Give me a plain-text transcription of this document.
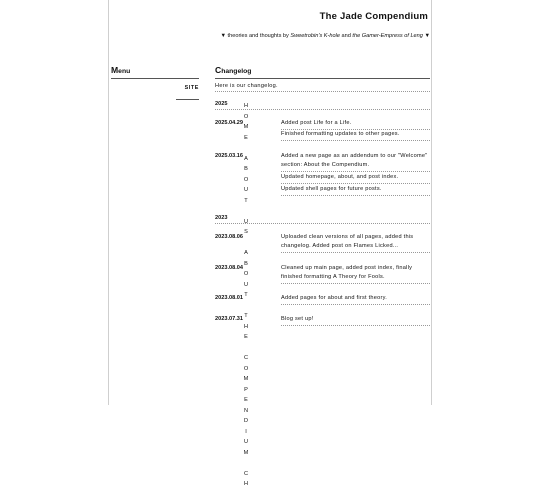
The Jade Compendium
▼ theories and thoughts by Sweetrobin's K-hole and the Gamer-Empress of Leng ▼
Menu
SITE
H
O
M
E
A
B
O
U
T

U
S
A
B
O
U
T

T
H
E

C
O
M
P
E
N
D
I
U
M
C
H
Changelog
Here is our changelog.
2025
2025.04.29	Added post Life for a Life.
Finished formatting updates to other pages.
2025.03.16	Added a new page as an addendum to our "Welcome" section: About the Compendium.
Updated homepage, about, and post index.
Updated shell pages for future posts.
2023
2023.08.06	Uploaded clean versions of all pages, added this changelog. Added post on Flames Licked...
2023.08.04	Cleaned up main page, added post index, finally finished formatting A Theory for Fools.
2023.08.01	Added pages for about and first theory.
2023.07.31	Blog set up!
